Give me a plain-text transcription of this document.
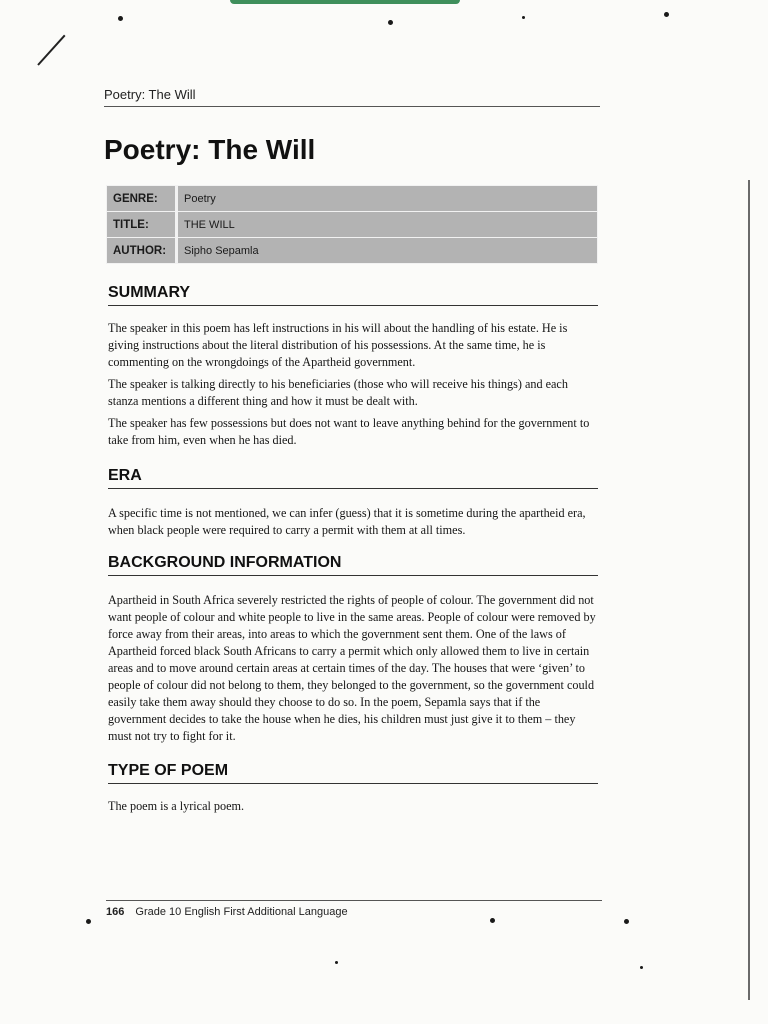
Poetry: The Will
Poetry: The Will
GENRE:	Poetry
TITLE:	THE WILL
AUTHOR:	Sipho Sepamla
SUMMARY

The speaker in this poem has left instructions in his will about the handling of his estate. He is giving instructions about the literal distribution of his possessions. At the same time, he is commenting on the wrongdoings of the Apartheid government.

The speaker is talking directly to his beneficiaries (those who will receive his things) and each stanza mentions a different thing and how it must be dealt with.

The speaker has few possessions but does not want to leave anything behind for the government to take from him, even when he has died.

ERA

A specific time is not mentioned, we can infer (guess) that it is sometime during the apartheid era, when black people were required to carry a permit with them at all times.

BACKGROUND INFORMATION

Apartheid in South Africa severely restricted the rights of people of colour. The government did not want people of colour and white people to live in the same areas. People of colour were removed by force away from their areas, into areas to which the government sent them. One of the laws of Apartheid forced black South Africans to carry a permit which only allowed them to live in certain areas and to move around certain areas at certain times of the day. The houses that were ‘given’ to people of colour did not belong to them, they belonged to the government, so the government could easily take them away should they choose to do so. In the poem, Sepamla says that if the government decides to take the house when he dies, his children must just give it to them – they must not try to fight for it.

TYPE OF POEM

The poem is a lyrical poem.

166 Grade 10 English First Additional Language
